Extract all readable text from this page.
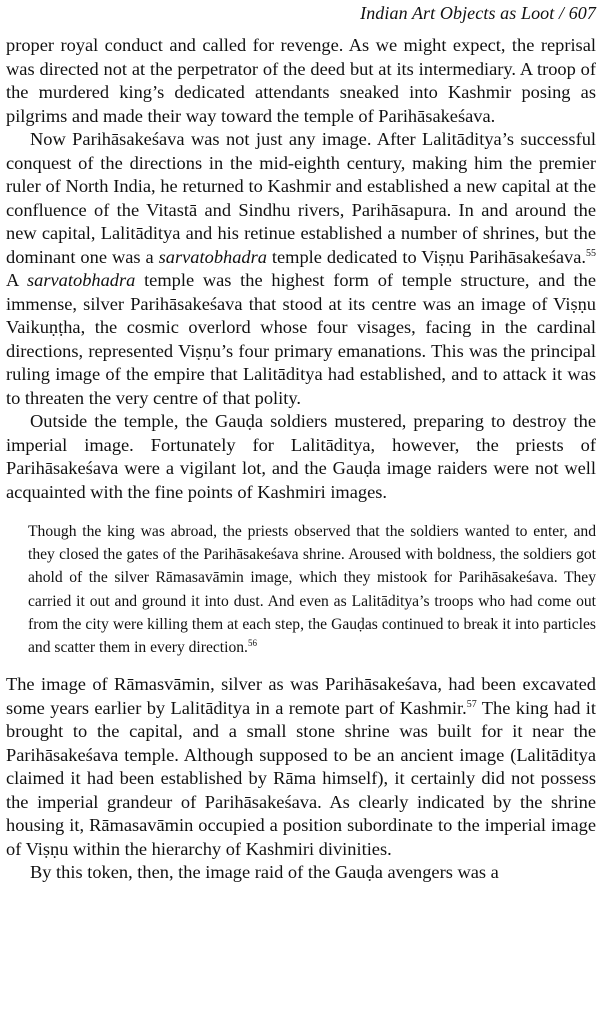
Indian Art Objects as Loot / 607

proper royal conduct and called for revenge. As we might expect, the reprisal was directed not at the perpetrator of the deed but at its intermediary. A troop of the murdered king’s dedicated attendants sneaked into Kashmir posing as pilgrims and made their way toward the temple of Parihāsakeśava.

Now Parihāsakeśava was not just any image. After Lalitāditya’s successful conquest of the directions in the mid-eighth century, making him the premier ruler of North India, he returned to Kashmir and established a new capital at the confluence of the Vitastā and Sindhu rivers, Parihāsapura. In and around the new capital, Lalitāditya and his retinue established a number of shrines, but the dominant one was a sarvatobhadra temple dedicated to Viṣṇu Parihāsakeśava.$^{55}$ A sarvatobhadra temple was the highest form of temple structure, and the immense, silver Parihāsakeśava that stood at its centre was an image of Viṣṇu Vaikuṇṭha, the cosmic overlord whose four visages, facing in the cardinal directions, represented Viṣṇu’s four primary emanations. This was the principal ruling image of the empire that Lalitāditya had established, and to attack it was to threaten the very centre of that polity.

Outside the temple, the Gauḍa soldiers mustered, preparing to destroy the imperial image. Fortunately for Lalitāditya, however, the priests of Parihāsakeśava were a vigilant lot, and the Gauḍa image raiders were not well acquainted with the fine points of Kashmiri images.

Though the king was abroad, the priests observed that the soldiers wanted to enter, and they closed the gates of the Parihāsakeśava shrine. Aroused with boldness, the soldiers got ahold of the silver Rāmasavāmin image, which they mistook for Parihāsakeśava. They carried it out and ground it into dust. And even as Lalitāditya’s troops who had come out from the city were killing them at each step, the Gauḍas continued to break it into particles and scatter them in every direction.$^{56}$

The image of Rāmasvāmin, silver as was Parihāsakeśava, had been excavated some years earlier by Lalitāditya in a remote part of Kashmir.$^{57}$ The king had it brought to the capital, and a small stone shrine was built for it near the Parihāsakeśava temple. Although supposed to be an ancient image (Lalitāditya claimed it had been established by Rāma himself), it certainly did not possess the imperial grandeur of Parihāsakeśava. As clearly indicated by the shrine housing it, Rāmasavāmin occupied a position subordinate to the imperial image of Viṣṇu within the hierarchy of Kashmiri divinities.

By this token, then, the image raid of the Gauḍa avengers was a
